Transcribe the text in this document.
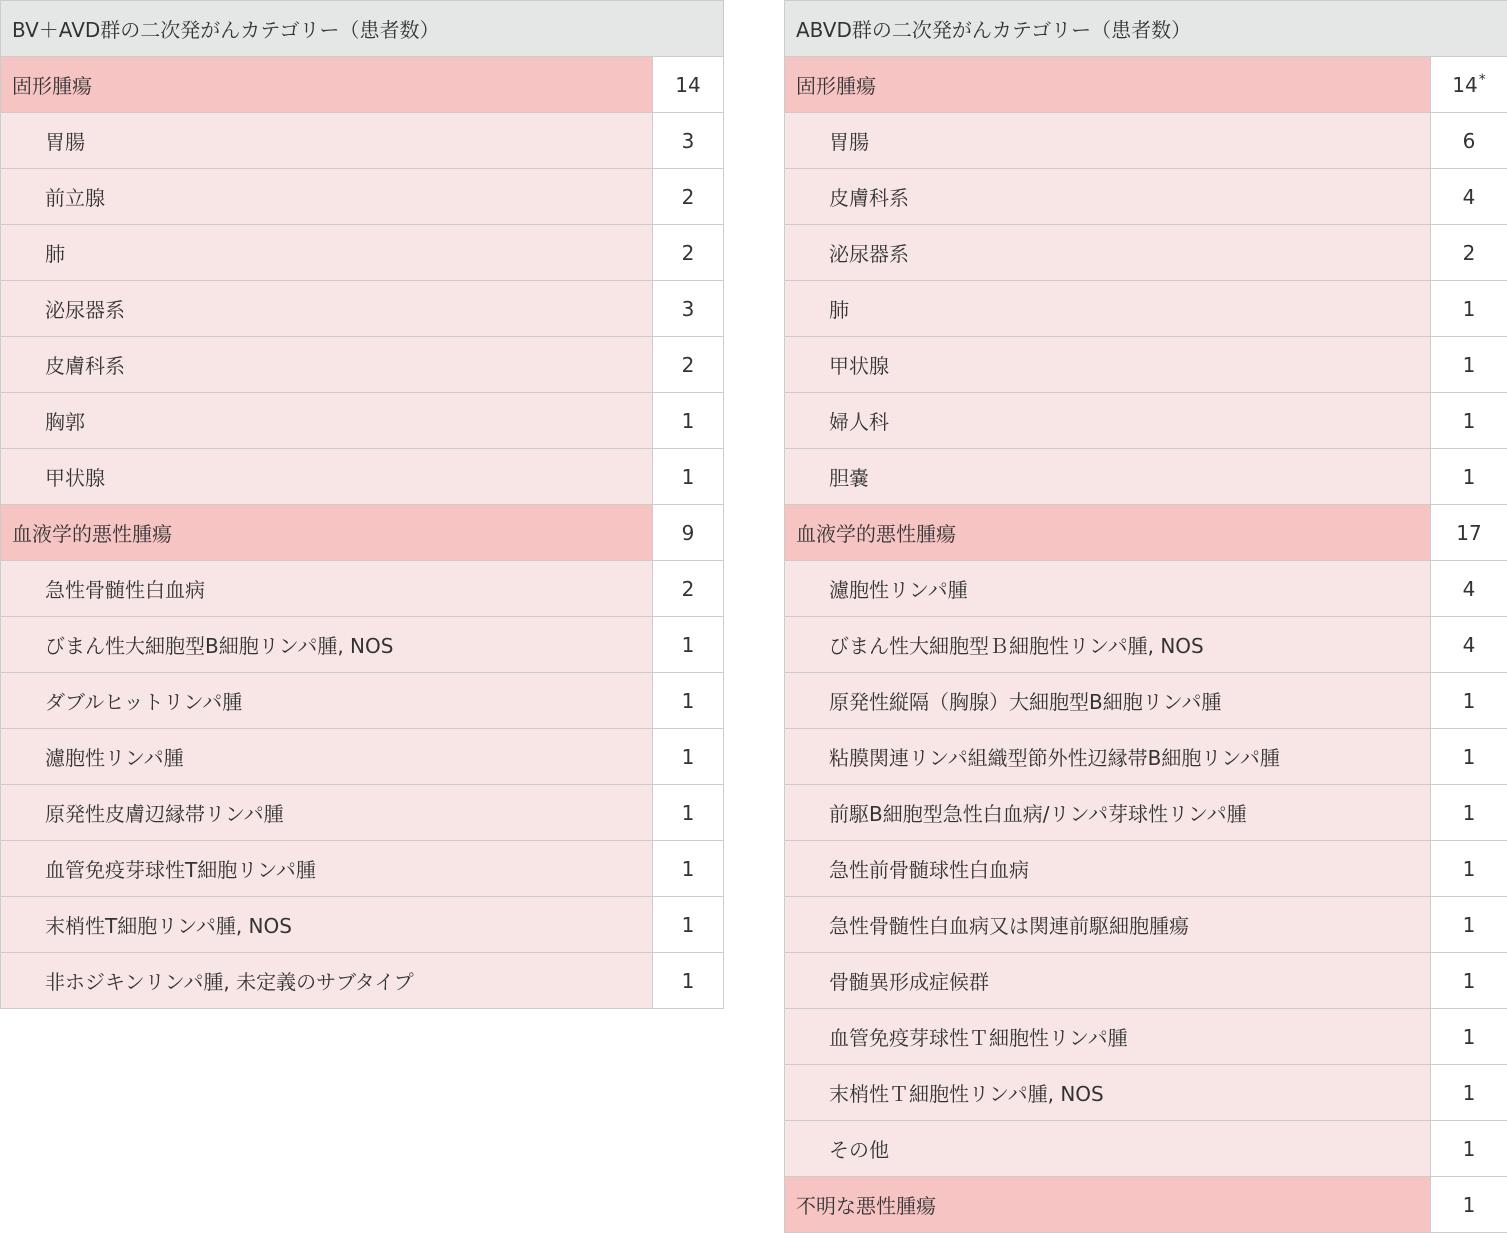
BV＋AVD群の二次発がんカテゴリー（患者数）	
固形腫瘍	14
胃腸	3
前立腺	2
肺	2
泌尿器系	3
皮膚科系	2
胸郭	1
甲状腺	1
血液学的悪性腫瘍	9
急性骨髄性白血病	2
びまん性大細胞型B細胞リンパ腫, NOS	1
ダブルヒットリンパ腫	1
濾胞性リンパ腫	1
原発性皮膚辺縁帯リンパ腫	1
血管免疫芽球性T細胞リンパ腫	1
末梢性T細胞リンパ腫, NOS	1
非ホジキンリンパ腫, 未定義のサブタイプ	1
ABVD群の二次発がんカテゴリー（患者数）	
固形腫瘍	14*
胃腸	6
皮膚科系	4
泌尿器系	2
肺	1
甲状腺	1
婦人科	1
胆嚢	1
血液学的悪性腫瘍	17
濾胞性リンパ腫	4
びまん性大細胞型Ｂ細胞性リンパ腫, NOS	4
原発性縦隔（胸腺）大細胞型B細胞リンパ腫	1
粘膜関連リンパ組織型節外性辺縁帯B細胞リンパ腫	1
前駆B細胞型急性白血病/リンパ芽球性リンパ腫	1
急性前骨髄球性白血病	1
急性骨髄性白血病又は関連前駆細胞腫瘍	1
骨髄異形成症候群	1
血管免疫芽球性Ｔ細胞性リンパ腫	1
末梢性Ｔ細胞性リンパ腫, NOS	1
その他	1
不明な悪性腫瘍	1
